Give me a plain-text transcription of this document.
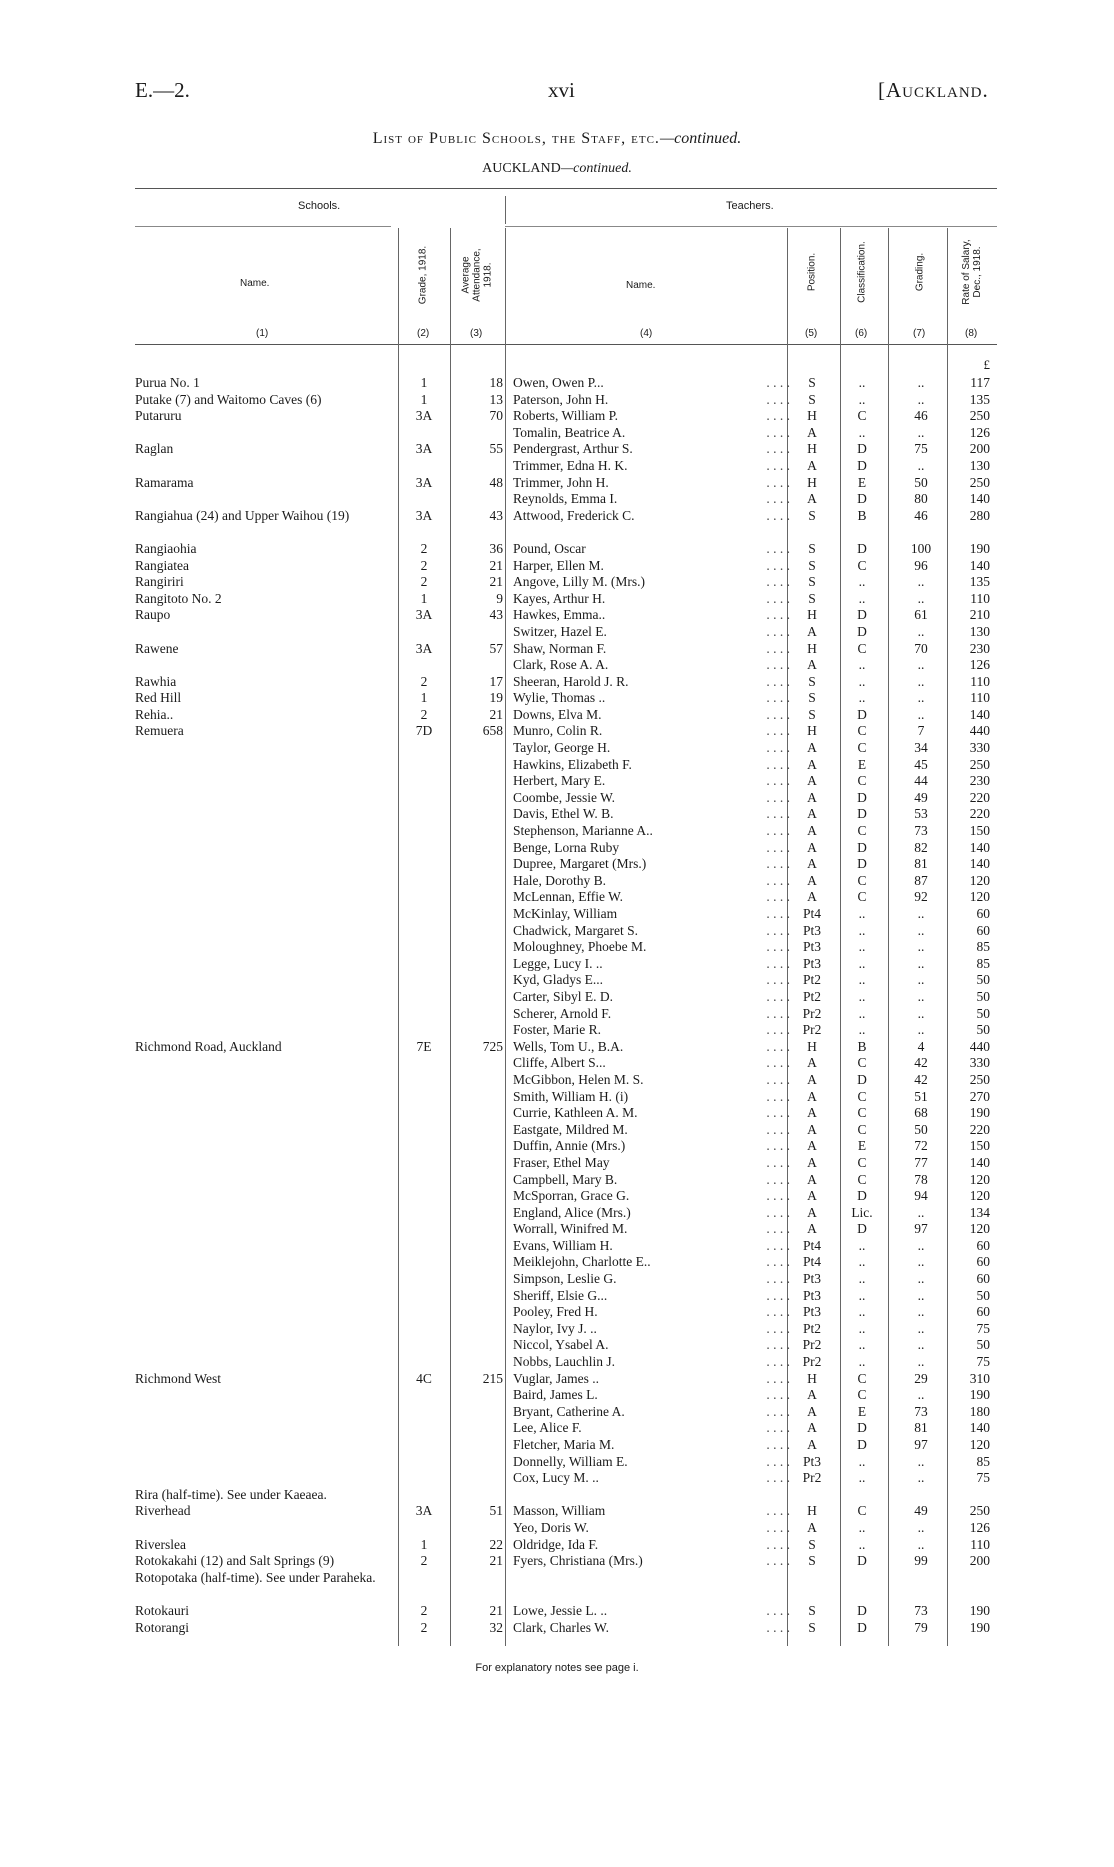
E.—2.	xvi	[Auckland.
List of Public Schools, the Staff, etc.—continued.
AUCKLAND—continued.
Schools.	Teachers.
Name.	Grade, 1918.	Average Attendance, 1918.	Name.	Position.	Classification.	Grading.	Rate of Salary, Dec., 1918.
(1)	(2)	(3)	(4)	(5)	(6)	(7)	(8)
£
Purua No. 1	1	18 Owen, Owen P...	. . . .	S	..	..	117
Putake (7) and Waitomo Caves (6)	1	13 Paterson, John H.	. . . .	S	..	..	135
Putaruru	3A	70 Roberts, William P.	. . . .	H	C	46	250
Tomalin, Beatrice A.	. . . .	A	..	..	126
Raglan	3A	55 Pendergrast, Arthur S.	. . . .	H	D	75	200
Trimmer, Edna H. K.	. . . .	A	D	..	130
Ramarama	3A	48 Trimmer, John H.	. . . .	H	E	50	250
Reynolds, Emma I.	. . . .	A	D	80	140
Rangiahua (24) and Upper Waihou (19)	3A	43 Attwood, Frederick C.	. . . .	S	B	46	280
Rangiaohia	2	36 Pound, Oscar	. . . .	S	D	100	190
Rangiatea	2	21 Harper, Ellen M.	. . . .	S	C	96	140
Rangiriri	2	21 Angove, Lilly M. (Mrs.)	. . . .	S	..	..	135
Rangitoto No. 2	1	9 Kayes, Arthur H.	. . . .	S	..	..	110
Raupo	3A	43 Hawkes, Emma..	. . . .	H	D	61	210
Switzer, Hazel E.	. . . .	A	D	..	130
Rawene	3A	57 Shaw, Norman F.	. . . .	H	C	70	230
Clark, Rose A. A.	. . . .	A	..	..	126
Rawhia	2	17 Sheeran, Harold J. R.	. . . .	S	..	..	110
Red Hill	1	19 Wylie, Thomas ..	. . . .	S	..	..	110
Rehia..	2	21 Downs, Elva M.	. . . .	S	D	..	140
Remuera	7D	658 Munro, Colin R.	. . . .	H	C	7	440
Taylor, George H.	. . . .	A	C	34	330
Hawkins, Elizabeth F.	. . . .	A	E	45	250
Herbert, Mary E.	. . . .	A	C	44	230
Coombe, Jessie W.	. . . .	A	D	49	220
Davis, Ethel W. B.	. . . .	A	D	53	220
Stephenson, Marianne A..	. . . .	A	C	73	150
Benge, Lorna Ruby	. . . .	A	D	82	140
Dupree, Margaret (Mrs.)	. . . .	A	D	81	140
Hale, Dorothy B.	. . . .	A	C	87	120
McLennan, Effie W.	. . . .	A	C	92	120
McKinlay, William	. . . . Pt4	..	..	60
Chadwick, Margaret S.	. . . . Pt3	..	..	60
Moloughney, Phoebe M.	. . . . Pt3	..	..	85
Legge, Lucy I. ..	. . . . Pt3	..	..	85
Kyd, Gladys E...	. . . . Pt2	..	..	50
Carter, Sibyl E. D.	. . . . Pt2	..	..	50
Scherer, Arnold F.	. . . . Pr2	..	..	50
Foster, Marie R.	. . . . Pr2	..	..	50
Richmond Road, Auckland	7E	725 Wells, Tom U., B.A.	. . . .	H	B	4	440
Cliffe, Albert S...	. . . .	A	C	42	330
McGibbon, Helen M. S.	. . . .	A	D	42	250
Smith, William H. (i)	. . . .	A	C	51	270
Currie, Kathleen A. M.	. . . .	A	C	68	190
Eastgate, Mildred M.	. . . .	A	C	50	220
Duffin, Annie (Mrs.)	. . . .	A	E	72	150
Fraser, Ethel May	. . . .	A	C	77	140
Campbell, Mary B.	. . . .	A	C	78	120
McSporran, Grace G.	. . . .	A	D	94	120
England, Alice (Mrs.)	. . . .	A	Lic.	..	134
Worrall, Winifred M.	. . . .	A	D	97	120
Evans, William H.	. . . . Pt4	..	..	60
Meiklejohn, Charlotte E..	. . . . Pt4	..	..	60
Simpson, Leslie G.	. . . . Pt3	..	..	60
Sheriff, Elsie G...	. . . . Pt3	..	..	50
Pooley, Fred H.	. . . . Pt3	..	..	60
Naylor, Ivy J. ..	. . . . Pt2	..	..	75
Niccol, Ysabel A.	. . . . Pr2	..	..	50
Nobbs, Lauchlin J.	. . . . Pr2	..	..	75
Richmond West	4C	215 Vuglar, James ..	. . . .	H	C	29	310
Baird, James L.	. . . .	A	C	..	190
Bryant, Catherine A.	. . . .	A	E	73	180
Lee, Alice F.	. . . .	A	D	81	140
Fletcher, Maria M.	. . . .	A	D	97	120
Donnelly, William E.	. . . . Pt3	..	..	85
Cox, Lucy M. ..	. . . . Pr2	..	..	75
Rira (half-time). See under Kaeaea.
Riverhead	3A	51 Masson, William	. . . .	H	C	49	250
Yeo, Doris W.	. . . .	A	..	..	126
Riverslea	1	22 Oldridge, Ida F.	. . . .	S	..	..	110
Rotokakahi (12) and Salt Springs (9)	2	21 Fyers, Christiana (Mrs.)	. . . .	S	D	99	200
Rotopotaka (half-time). See under Paraheka.
Rotokauri	2	21 Lowe, Jessie L. ..	. . . .	S	D	73	190
Rotorangi	2	32 Clark, Charles W.	. . . .	S	D	79	190
For explanatory notes see page i.
